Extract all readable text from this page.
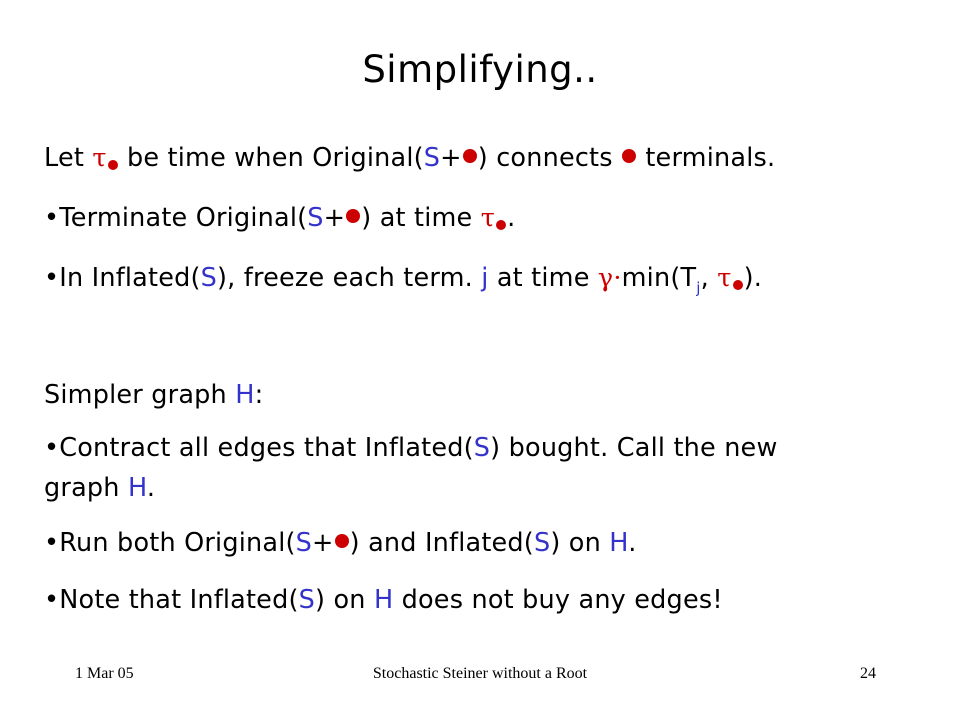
Simplifying..
Let τ be time when Original(S+ ) connects  terminals.
•Terminate Original(S+ ) at time τ .
•In Inflated(S), freeze each term. j at time $\gamma\cdot\min(T_j$, τ ).
Simpler graph H:
•Contract all edges that Inflated(S) bought. Call the new
graph H.
•Run both Original(S+ ) and Inflated(S) on H.
•Note that Inflated(S) on H does not buy any edges!
1 Mar 05	Stochastic Steiner without a Root	24
